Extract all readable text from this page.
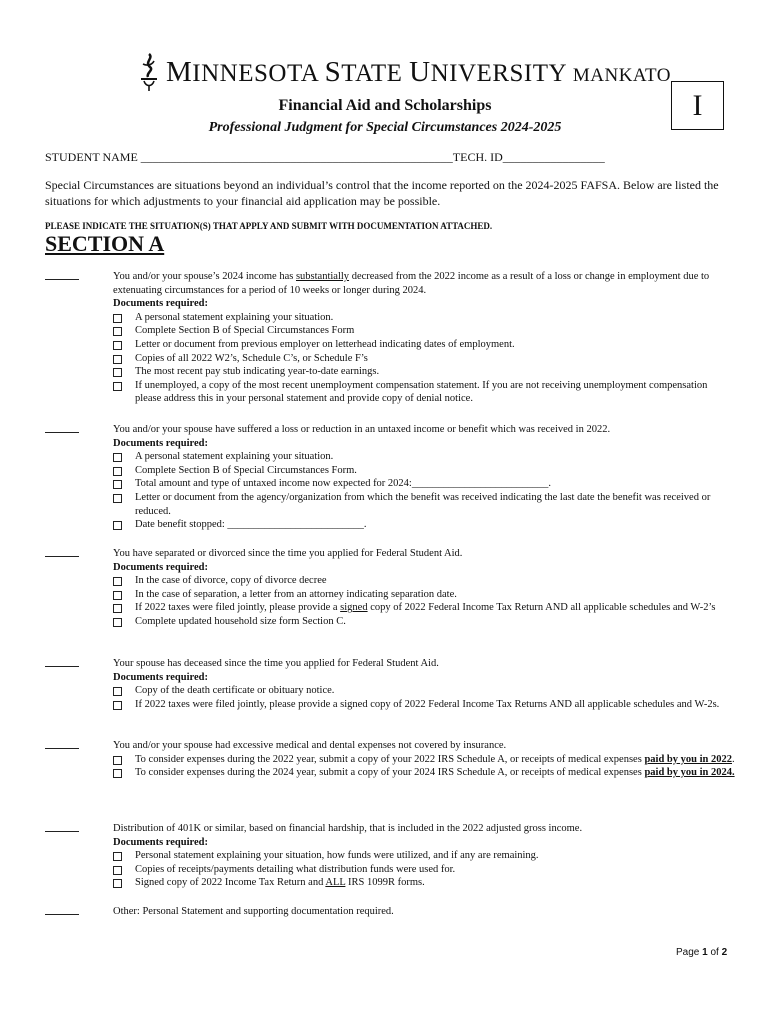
MINNESOTA STATE UNIVERSITY MANKATO
I
Financial Aid and Scholarships
Professional Judgment for Special Circumstances 2024-2025
STUDENT NAME ____________________________________________________TECH. ID_________________
Special Circumstances are situations beyond an individual’s control that the income reported on the 2024-2025 FAFSA. Below are listed the situations for which adjustments to your financial aid application may be possible.
PLEASE INDICATE THE SITUATION(S) THAT APPLY AND SUBMIT WITH DOCUMENTATION ATTACHED.
SECTION A
You and/or your spouse’s 2024 income has substantially decreased from the 2022 income as a result of a loss or change in employment due to extenuating circumstances for a period of 10 weeks or longer during 2024.
Documents required:
A personal statement explaining your situation.
Complete Section B of Special Circumstances Form
Letter or document from previous employer on letterhead indicating dates of employment.
Copies of all 2022 W2’s, Schedule C’s, or Schedule F’s
The most recent pay stub indicating year-to-date earnings.
If unemployed, a copy of the most recent unemployment compensation statement. If you are not receiving unemployment compensation please address this in your personal statement and provide copy of denial notice.
You and/or your spouse have suffered a loss or reduction in an untaxed income or benefit which was received in 2022.
Documents required:
A personal statement explaining your situation.
Complete Section B of Special Circumstances Form.
Total amount and type of untaxed income now expected for 2024:__________________________.
Letter or document from the agency/organization from which the benefit was received indicating the last date the benefit was received or reduced.
Date benefit stopped: __________________________.
You have separated or divorced since the time you applied for Federal Student Aid.
Documents required:
In the case of divorce, copy of divorce decree
In the case of separation, a letter from an attorney indicating separation date.
If 2022 taxes were filed jointly, please provide a signed copy of 2022 Federal Income Tax Return AND all applicable schedules and W-2’s
Complete updated household size form Section C.
Your spouse has deceased since the time you applied for Federal Student Aid.
Documents required:
Copy of the death certificate or obituary notice.
If 2022 taxes were filed jointly, please provide a signed copy of 2022 Federal Income Tax Returns AND all applicable schedules and W-2s.
You and/or your spouse had excessive medical and dental expenses not covered by insurance.
To consider expenses during the 2022 year, submit a copy of your 2022 IRS Schedule A, or receipts of medical expenses paid by you in 2022.
To consider expenses during the 2024 year, submit a copy of your 2024 IRS Schedule A, or receipts of medical expenses paid by you in 2024.
Distribution of 401K or similar, based on financial hardship, that is included in the 2022 adjusted gross income.
Documents required:
Personal statement explaining your situation, how funds were utilized, and if any are remaining.
Copies of receipts/payments detailing what distribution funds were used for.
Signed copy of 2022 Income Tax Return and ALL IRS 1099R forms.
Other: Personal Statement and supporting documentation required.
Page 1 of 2
